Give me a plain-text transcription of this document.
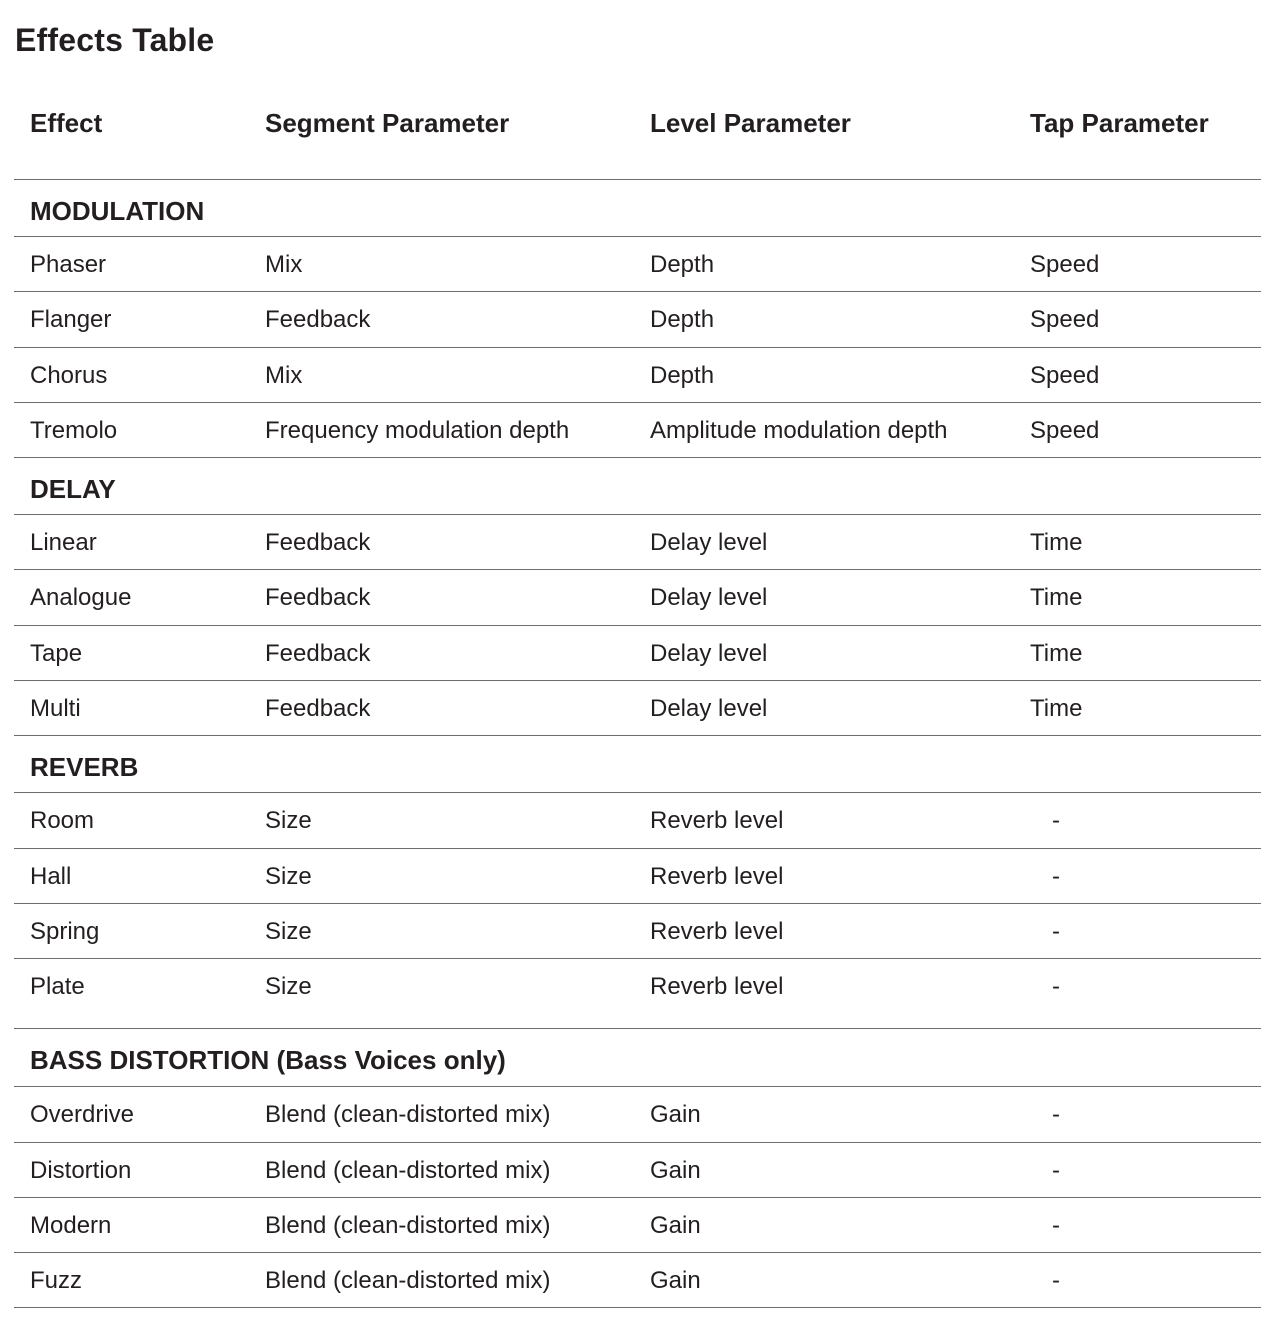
Effects Table
Effect	Segment Parameter	Level Parameter	Tap Parameter
MODULATION
Phaser	Mix	Depth	Speed
Flanger	Feedback	Depth	Speed
Chorus	Mix	Depth	Speed
Tremolo	Frequency modulation depth	Amplitude modulation depth	Speed
DELAY
Linear	Feedback	Delay level	Time
Analogue	Feedback	Delay level	Time
Tape	Feedback	Delay level	Time
Multi	Feedback	Delay level	Time
REVERB
Room	Size	Reverb level	-
Hall	Size	Reverb level	-
Spring	Size	Reverb level	-
Plate	Size	Reverb level	-
BASS DISTORTION (Bass Voices only)
Overdrive	Blend (clean-distorted mix)	Gain	-
Distortion	Blend (clean-distorted mix)	Gain	-
Modern	Blend (clean-distorted mix)	Gain	-
Fuzz	Blend (clean-distorted mix)	Gain	-
